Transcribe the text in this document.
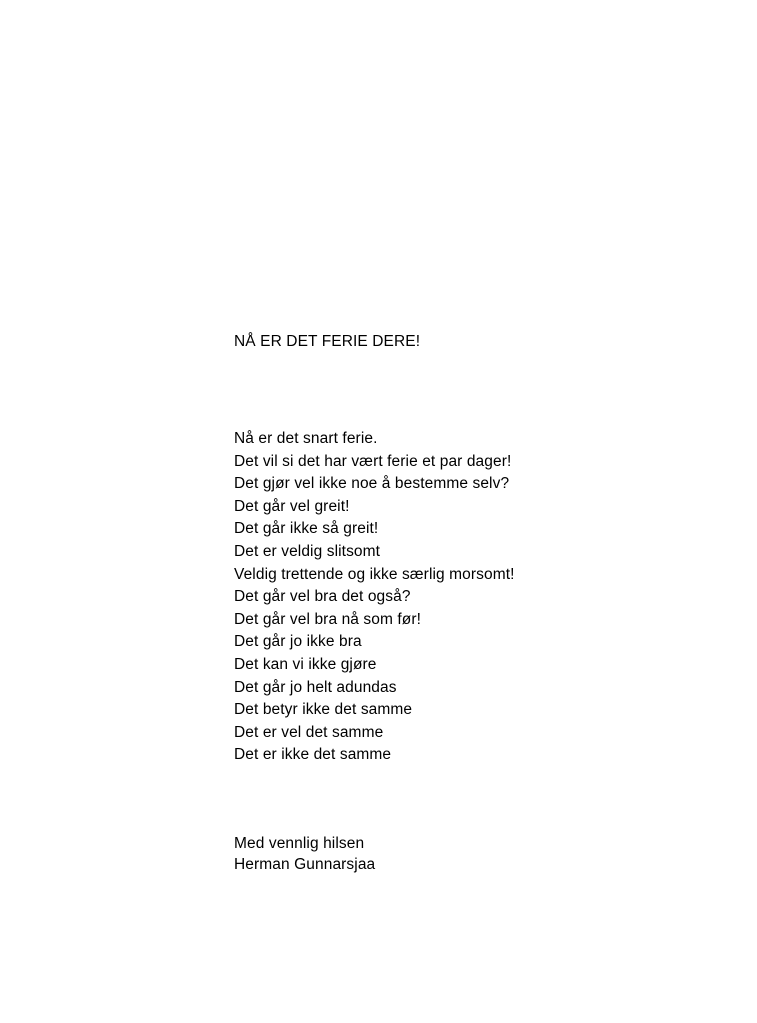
NÅ ER DET FERIE DERE!

Nå er det snart ferie.
Det vil si det har vært ferie et par dager!
Det gjør vel ikke noe å bestemme selv?
Det går vel greit!
Det går ikke så greit!
Det er veldig slitsomt
Veldig trettende og ikke særlig morsomt!
Det går vel bra det også?
Det går vel bra nå som før!
Det går jo ikke bra
Det kan vi ikke gjøre
Det går jo helt adundas
Det betyr ikke det samme
Det er vel det samme
Det er ikke det samme

Med vennlig hilsen
Herman Gunnarsjaa
